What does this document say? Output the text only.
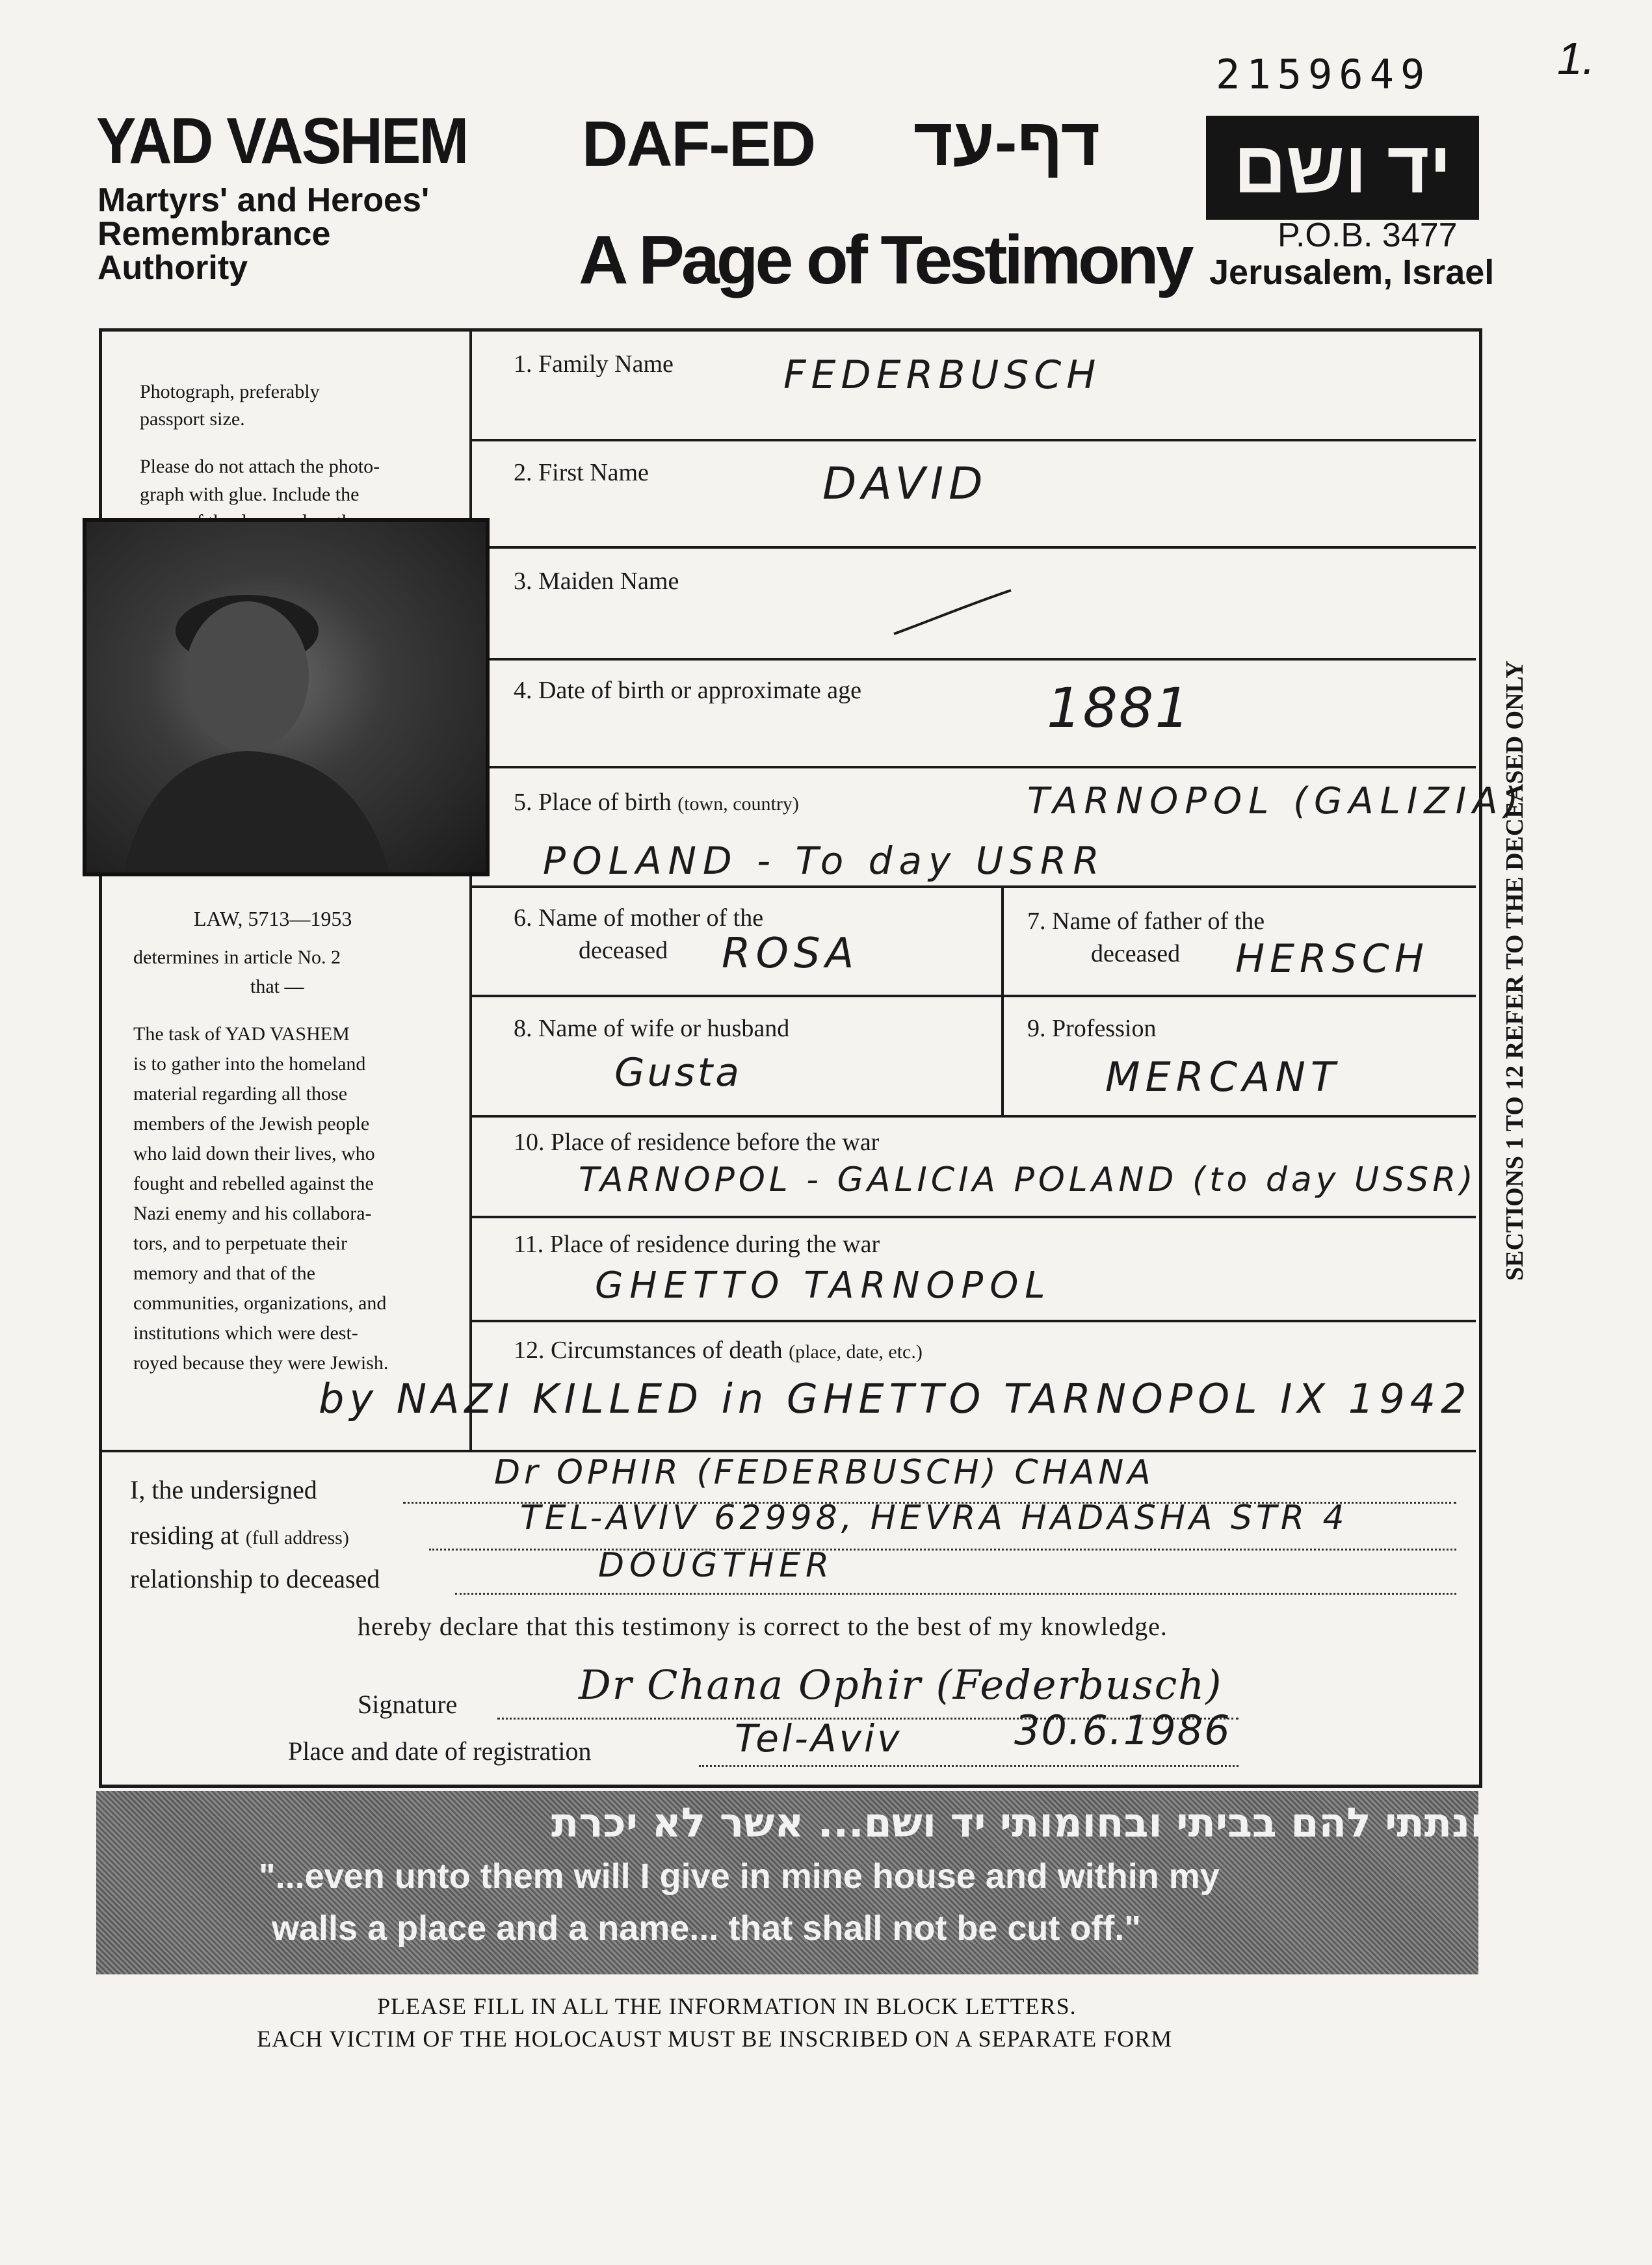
2159649	1.
YAD VASHEM
Martyrs' and Heroes'
Remembrance
Authority
DAF-ED דף-עד
A Page of Testimony
יד ושם
P.O.B. 3477
Jerusalem, Israel
Photograph, preferably
passport size.
Please do not attach the photo-
graph with glue. Include the
LAW, 5713—1953
determines in article No. 2
that —
The task of YAD VASHEM
is to gather into the homeland
material regarding all those
members of the Jewish people
who laid down their lives, who
fought and rebelled against the
Nazi enemy and his collabora-
tors, and to perpetuate their
memory and that of the
communities, organizations, and
institutions which were dest-
royed because they were Jewish.
1. Family Name	FEDERBUSCH
2. First Name	DAVID
3. Maiden Name
4. Date of birth or approximate age	1881
5. Place of birth (town, country)	TARNOPOL (GALIZIA)
POLAND - To day USRR
6. Name of mother of the
deceased ROSA
7. Name of father of the
deceased HERSCH
8. Name of wife or husband
Gusta
9. Profession
MERCANT
10. Place of residence before the war
TARNOPOL - GALICIA POLAND (to day USSR)
11. Place of residence during the war
GHETTO TARNOPOL
12. Circumstances of death (place, date, etc.)
by NAZI KILLED in GHETTO TARNOPOL IX 1942
SECTIONS 1 TO 12 REFER TO THE DECEASED ONLY
I, the undersigned	Dr OPHIR (FEDERBUSCH) CHANA
residing at (full address)
TEL-AVIV 62998, HEVRA HADASHA STR 4
relationship to deceased	DOUGTHER
hereby declare that this testimony is correct to the best of my knowledge.
Signature	Dr Chana Ophir (Federbusch)
Place and date of registration	Tel-Aviv	30.6.1986
ונתתי להם בביתי ובחומותי יד ושם... אשר לא יכרת
"...even unto them will I give in mine house and within my
walls a place and a name... that shall not be cut off."
PLEASE FILL IN ALL THE INFORMATION IN BLOCK LETTERS.
EACH VICTIM OF THE HOLOCAUST MUST BE INSCRIBED ON A SEPARATE FORM
